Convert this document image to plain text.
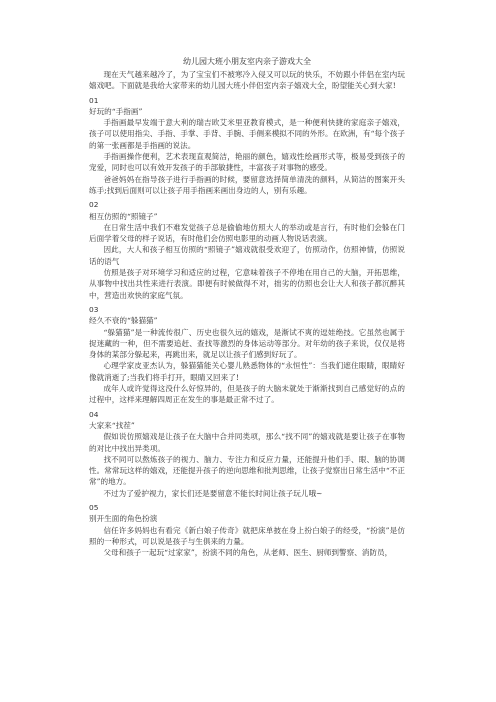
幼儿园大班小朋友室内亲子游戏大全

现在天气越来越冷了，为了宝宝们不被寒冷入侵又可以玩的快乐，不妨跟小伴侣在室内玩嬉戏吧。下面就是我给大家带来的幼儿园大班小伴侣室内亲子嬉戏大全，盼望能关心到大家!

01

好玩的“手指画”

手指画最早发端于意大利的瑞吉欧艾米里亚教育模式，是一种便利快捷的家庭亲子嬉戏，孩子可以使用指尖、手指、手掌、手背、手腕、手侧来模拟不同的外形。在欧洲，有“每个孩子的第一张画都是手指画的说法。

手指画操作便利，艺术表现直观简洁，艳丽的颜色，嬉戏性绘画形式等，极易受到孩子的宠爱，同时也可以有效开发孩子的手部敏捷性，丰富孩子对事物的感受。

爸爸妈妈在指导孩子进行手指画的时候，要留意选择简单清洗的颜料，从简洁的图案开头练手;找到后面则可以让孩子用手指画来画出身边的人，别有乐趣。

02

相互仿照的“照镜子”

在日常生活中我们不难发觉孩子总是偷偷地仿照大人的举动或是言行，有时他们会躲在门后面学着父母的样子说话，有时他们会仿照电影里的动画人物说话表演。

因此，大人和孩子相互仿照的“照镜子”嬉戏就很受欢迎了，仿照动作，仿照神情，仿照说话的语气

仿照是孩子对环境学习和适应的过程，它意味着孩子不停地在用自己的大脑，开拓思维，从事物中找出共性来进行表演。即便有时候做得不对，拙劣的仿照也会让大人和孩子都沉醉其中，营造出欢快的家庭气氛。

03

经久不衰的“躲猫猫”

“躲猫猫”是一种流传很广、历史也很久远的嬉戏，是渐试不爽的逗娃绝技。它虽然也属于捉迷藏的一种，但不需要追赶、查找等激烈的身体运动等部分。对年幼的孩子来说，仅仅是将身体的某部分躲起来，再跳出来，就足以让孩子们感到好玩了。

心理学家皮亚杰认为，躲猫猫能关心婴儿熟悉物体的“永恒性”：当我们遮住眼睛，眼睛好像就消逝了;当我们将手打开，眼睛又回来了!

成年人或许觉得这没什么好惊异的，但是孩子的大脑未就处于渐渐找到自己感觉好的点的过程中，这样来理解四周正在发生的事是最正常不过了。

04

大家来“找茬”

假如说仿照嬉戏是让孩子在大脑中合并同类项，那么“找不同”的嬉戏就是要让孩子在事物的对比中找出异类项。

找不同可以熬炼孩子的视力、脑力、专注力和反应力量，还能提升他们手、眼、脑的协调性。常常玩这样的嬉戏，还能提升孩子的逆向思维和批判思维，让孩子觉察出日常生活中“不正常”的地方。

不过为了爱护视力，家长们还是要留意不能长时间让孩子玩儿哦~

05

别开生面的角色扮演

信任许多妈妈也有看完《新白娘子传奇》就把床单披在身上扮白娘子的经受，“扮演”是仿照的一种形式，可以说是孩子与生俱来的力量。

父母和孩子一起玩“过家家”，扮演不同的角色，从老师、医生、厨师到警察、消防员，
